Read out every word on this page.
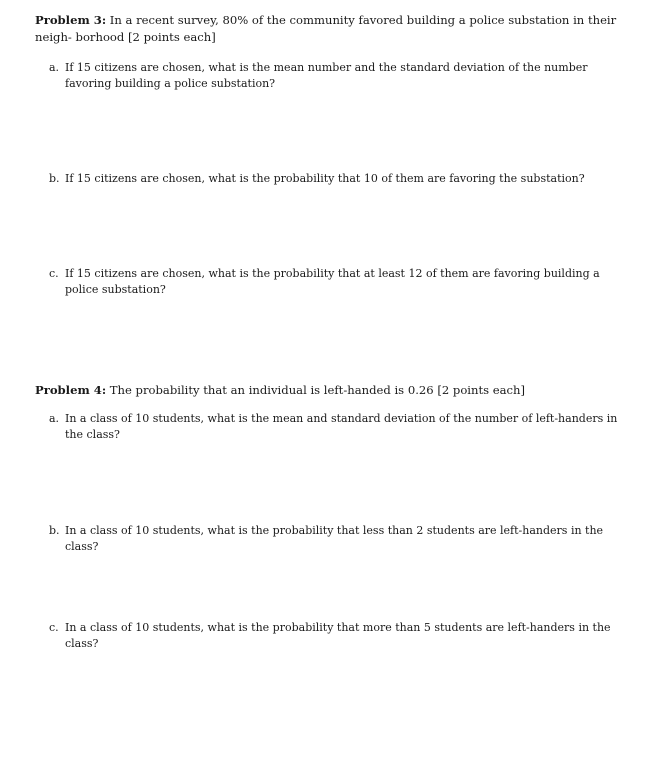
Problem 3: In a recent survey, 80% of the community favored building a police substation in their neigh- borhood [2 points each]
a. If 15 citizens are chosen, what is the mean number and the standard deviation of the number favoring building a police substation?
b. If 15 citizens are chosen, what is the probability that 10 of them are favoring the substation?
c. If 15 citizens are chosen, what is the probability that at least 12 of them are favoring building a police substation?
Problem 4: The probability that an individual is left-handed is 0.26 [2 points each]
a. In a class of 10 students, what is the mean and standard deviation of the number of left-handers in the class?
b. In a class of 10 students, what is the probability that less than 2 students are left-handers in the class?
c. In a class of 10 students, what is the probability that more than 5 students are left-handers in the class?
